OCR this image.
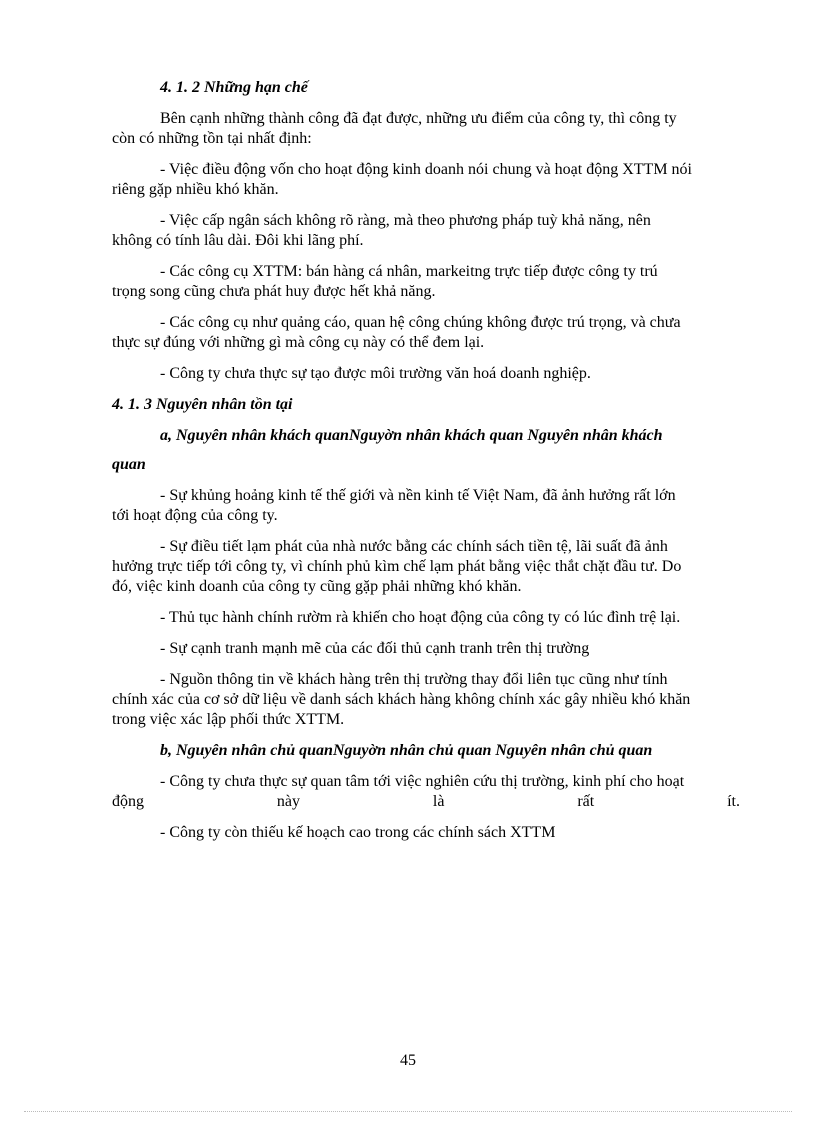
4. 1. 2 Những hạn chế

Bên cạnh những thành công đã đạt được, những ưu điểm của công ty, thì công ty

còn có những tồn tại nhất định:

- Việc điều động vốn cho hoạt động kinh doanh nói chung và hoạt động XTTM nói

riêng gặp nhiều khó khăn.

- Việc cấp ngân sách không rõ ràng, mà theo phương pháp tuỳ khả năng, nên

không có tính lâu dài. Đôi khi lãng phí.

- Các công cụ XTTM: bán hàng cá nhân, markeitng trực tiếp được công ty trú

trọng song cũng chưa phát huy được hết khả năng.

- Các công cụ như quảng cáo, quan hệ công chúng không được trú trọng, và chưa

thực sự đúng với những gì mà công cụ này có thể đem lại.

- Công ty chưa thực sự tạo được môi trường văn hoá doanh nghiệp.

4. 1. 3 Nguyên nhân tồn tại

a, Nguyên nhân khách quanNguyờn nhân khách quan Nguyên nhân khách

quan

- Sự khủng hoảng kinh tế thế giới và nền kinh tế Việt Nam, đã ảnh hưởng rất lớn

tới hoạt động của công ty.

- Sự điều tiết lạm phát của nhà nước bằng các chính sách tiền tệ, lãi suất đã ảnh

hưởng trực tiếp tới công ty, vì chính phủ kìm chế lạm phát bằng việc thắt chặt đầu tư. Do

đó, việc kinh doanh của công ty cũng gặp phải những khó khăn.

- Thủ tục hành chính rườm rà khiến cho hoạt động của công ty có lúc đình trệ lại.

- Sự cạnh tranh mạnh mẽ của các đối thủ cạnh tranh trên thị trường

- Nguồn thông tin về khách hàng trên thị trường thay đổi liên tục cũng như tính

chính xác của cơ sở dữ liệu về danh sách khách hàng không chính xác gây nhiều khó khăn

trong việc xác lập phối thức XTTM.

b, Nguyên nhân chủ quanNguyờn nhân chủ quan Nguyên nhân chủ quan

- Công ty chưa thực sự quan tâm tới việc nghiên cứu thị trường, kinh phí cho hoạt

động	này	là	rất	ít.

- Công ty còn thiếu kế hoạch cao trong các chính sách XTTM

45
